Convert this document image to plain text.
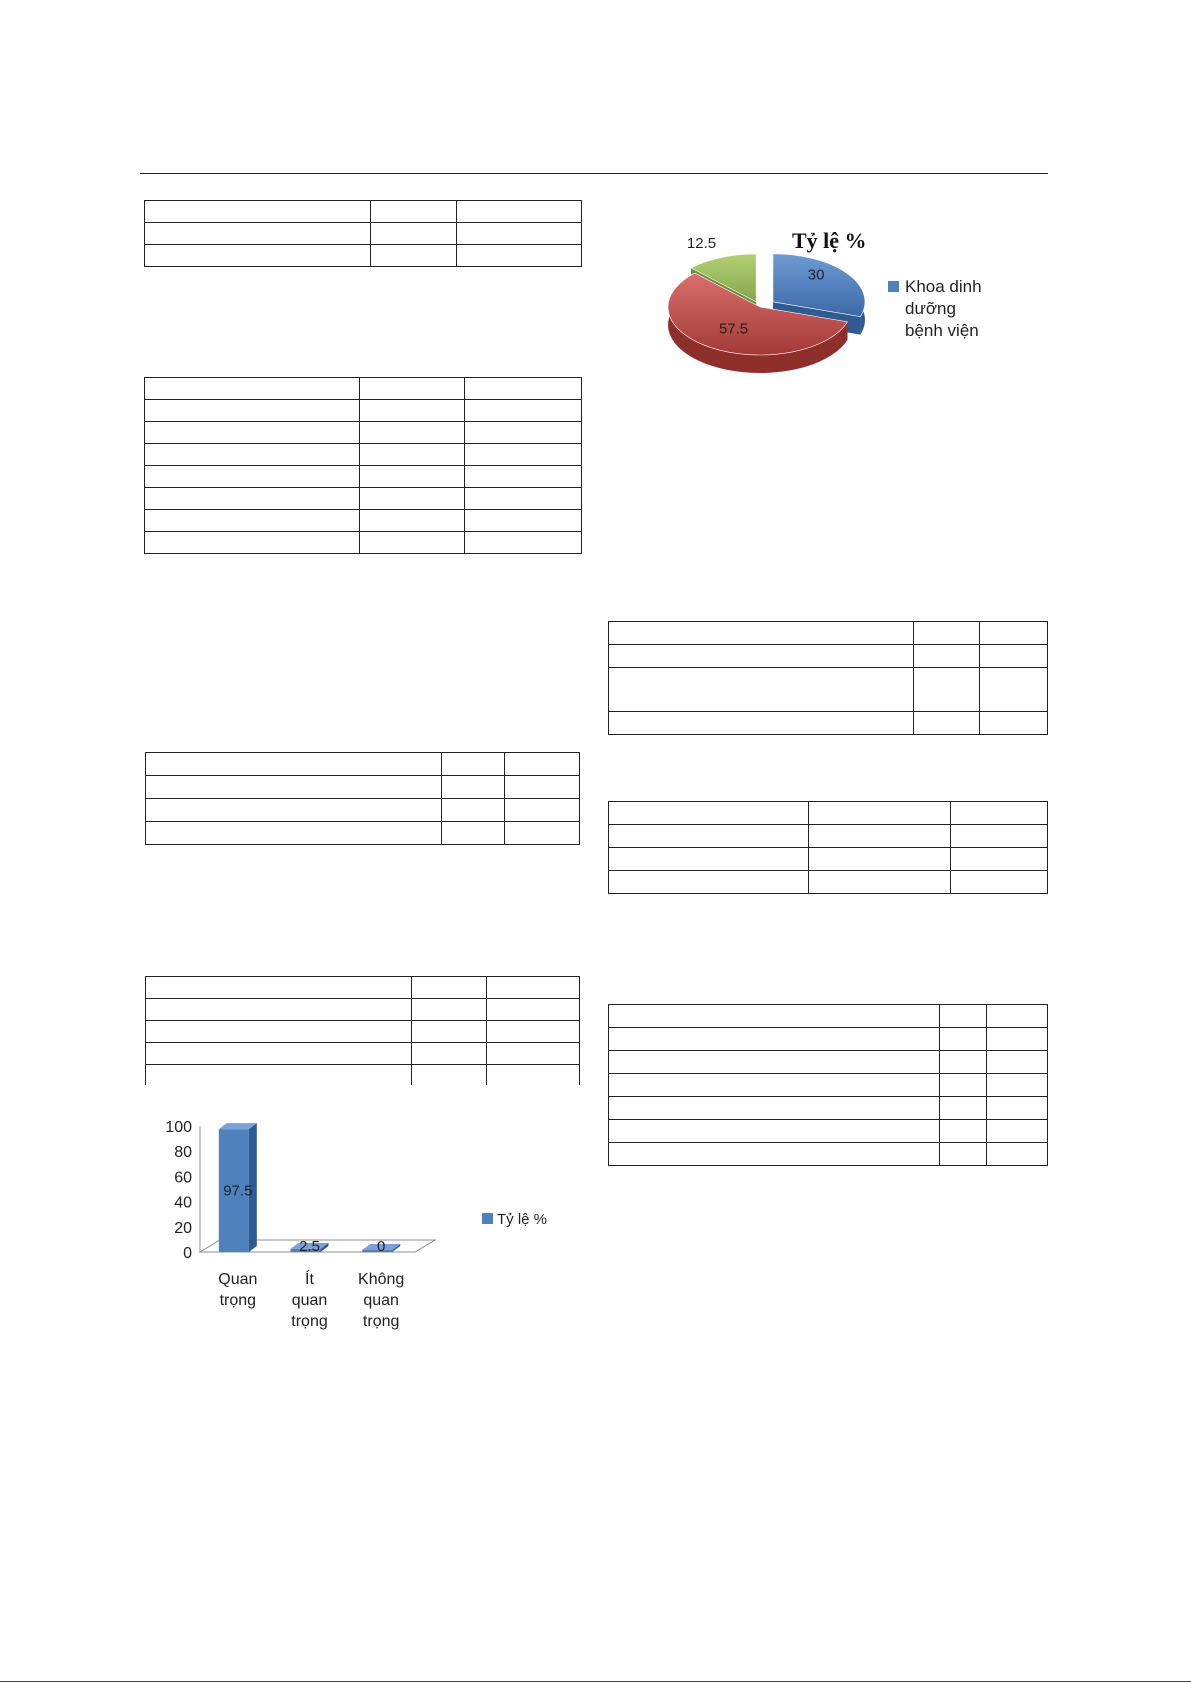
30
57.5
12.5	Tỷ lệ %
Khoa dinh dưỡng bệnh viện
0
20
40
60
80
100
97.5
Quan trọng
2.5
Ít quan trọng
0
Không quan trọng
Tỷ lệ %
